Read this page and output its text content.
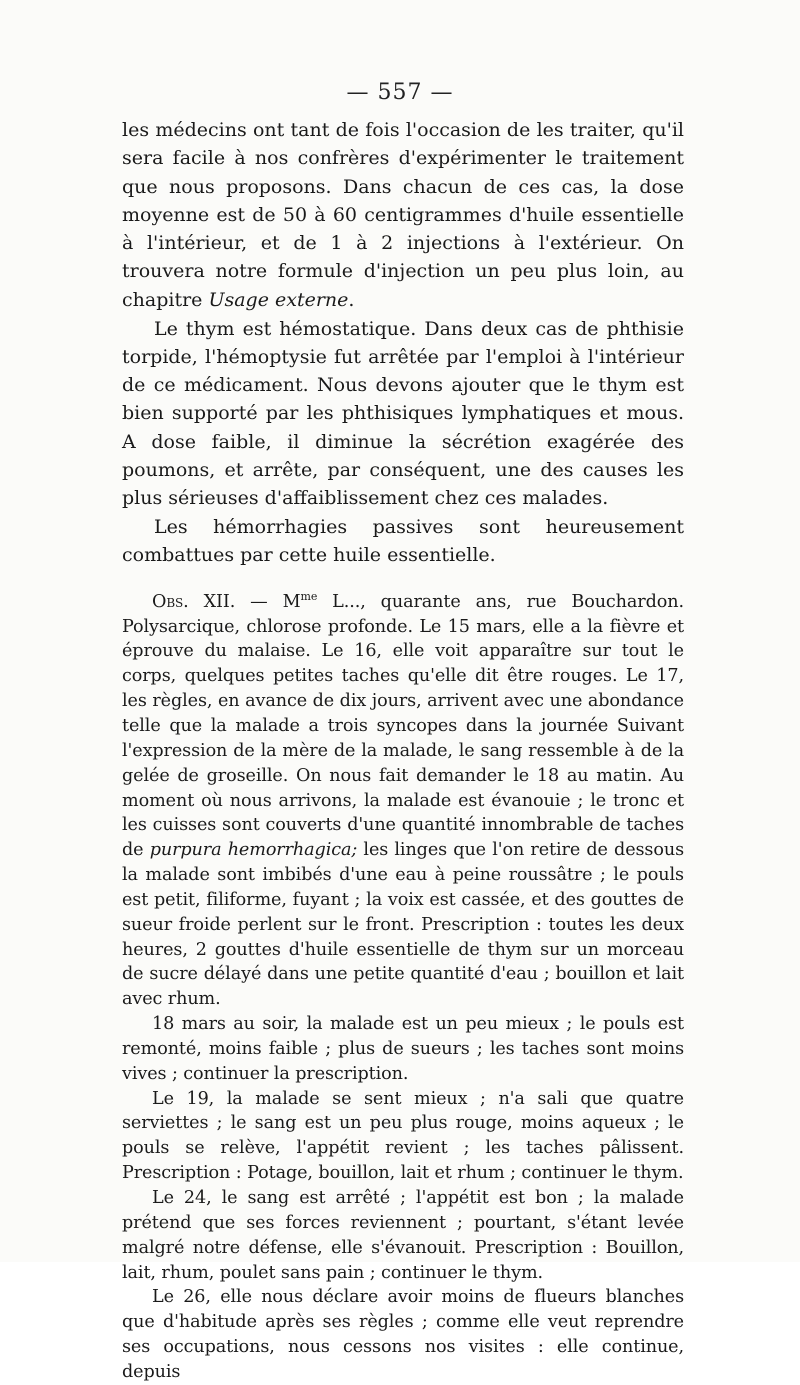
— 557 —

les médecins ont tant de fois l'occasion de les traiter, qu'il sera facile à nos confrères d'expérimenter le traitement que nous proposons. Dans chacun de ces cas, la dose moyenne est de 50 à 60 centigrammes d'huile essentielle à l'intérieur, et de 1 à 2 injections à l'extérieur. On trouvera notre formule d'injection un peu plus loin, au chapitre Usage externe.

Le thym est hémostatique. Dans deux cas de phthisie torpide, l'hémoptysie fut arrêtée par l'emploi à l'intérieur de ce médicament. Nous devons ajouter que le thym est bien supporté par les phthisiques lymphatiques et mous. A dose faible, il diminue la sécrétion exagérée des poumons, et arrête, par conséquent, une des causes les plus sérieuses d'affaiblissement chez ces malades.

Les hémorrhagies passives sont heureusement combattues par cette huile essentielle.

Obs. XII. — $M^{me}$ L..., quarante ans, rue Bouchardon. Polysarcique, chlorose profonde. Le 15 mars, elle a la fièvre et éprouve du malaise. Le 16, elle voit apparaître sur tout le corps, quelques petites taches qu'elle dit être rouges. Le 17, les règles, en avance de dix jours, arrivent avec une abondance telle que la malade a trois syncopes dans la journée Suivant l'expression de la mère de la malade, le sang ressemble à de la gelée de groseille. On nous fait demander le 18 au matin. Au moment où nous arrivons, la malade est évanouie ; le tronc et les cuisses sont couverts d'une quantité innombrable de taches de purpura hemorrhagica; les linges que l'on retire de dessous la malade sont imbibés d'une eau à peine roussâtre ; le pouls est petit, filiforme, fuyant ; la voix est cassée, et des gouttes de sueur froide perlent sur le front. Prescription : toutes les deux heures, 2 gouttes d'huile essentielle de thym sur un morceau de sucre délayé dans une petite quantité d'eau ; bouillon et lait avec rhum.

18 mars au soir, la malade est un peu mieux ; le pouls est remonté, moins faible ; plus de sueurs ; les taches sont moins vives ; continuer la prescription.

Le 19, la malade se sent mieux ; n'a sali que quatre serviettes ; le sang est un peu plus rouge, moins aqueux ; le pouls se relève, l'appétit revient ; les taches pâlissent. Prescription : Potage, bouillon, lait et rhum ; continuer le thym.

Le 24, le sang est arrêté ; l'appétit est bon ; la malade prétend que ses forces reviennent ; pourtant, s'étant levée malgré notre défense, elle s'évanouit. Prescription : Bouillon, lait, rhum, poulet sans pain ; continuer le thym.

Le 26, elle nous déclare avoir moins de flueurs blanches que d'habitude après ses règles ; comme elle veut reprendre ses occupations, nous cessons nos visites : elle continue, depuis
